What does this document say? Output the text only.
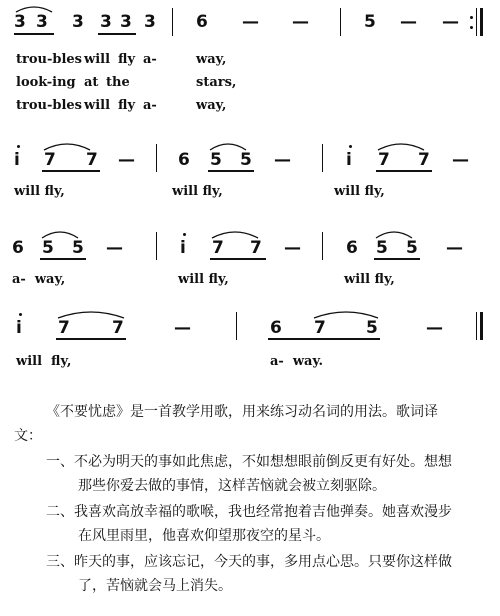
3 3 3 3 3 3 6 — —	5 — —
trou-bles will fly a-	way,
look-ing at the	stars,
trou-bles will fly a-	way,
i 7 7 —	6 5 5 —	i 7 7 —
will fly,	will fly,	will fly,
6 5 5 —	i 7 7 —	6 5 5 —
a-  way,	will fly,	will fly,
i 7 7	—	6 7 5	—
will  fly,	a-  way.
《不要忧虑》是一首教学用歌，用来练习动名词的用法。歌词译
一、不必为明天的事如此焦虑，不如想想眼前倒反更有好处。想想
那些你爱去做的事情，这样苦恼就会被立刻驱除。
二、我喜欢高放幸福的歌喉，我也经常抱着吉他弹奏。她喜欢漫步
在风里雨里，他喜欢仰望那夜空的星斗。
三、昨天的事，应该忘记，今天的事，多用点心思。只要你这样做
了，苦恼就会马上消失。
文：
